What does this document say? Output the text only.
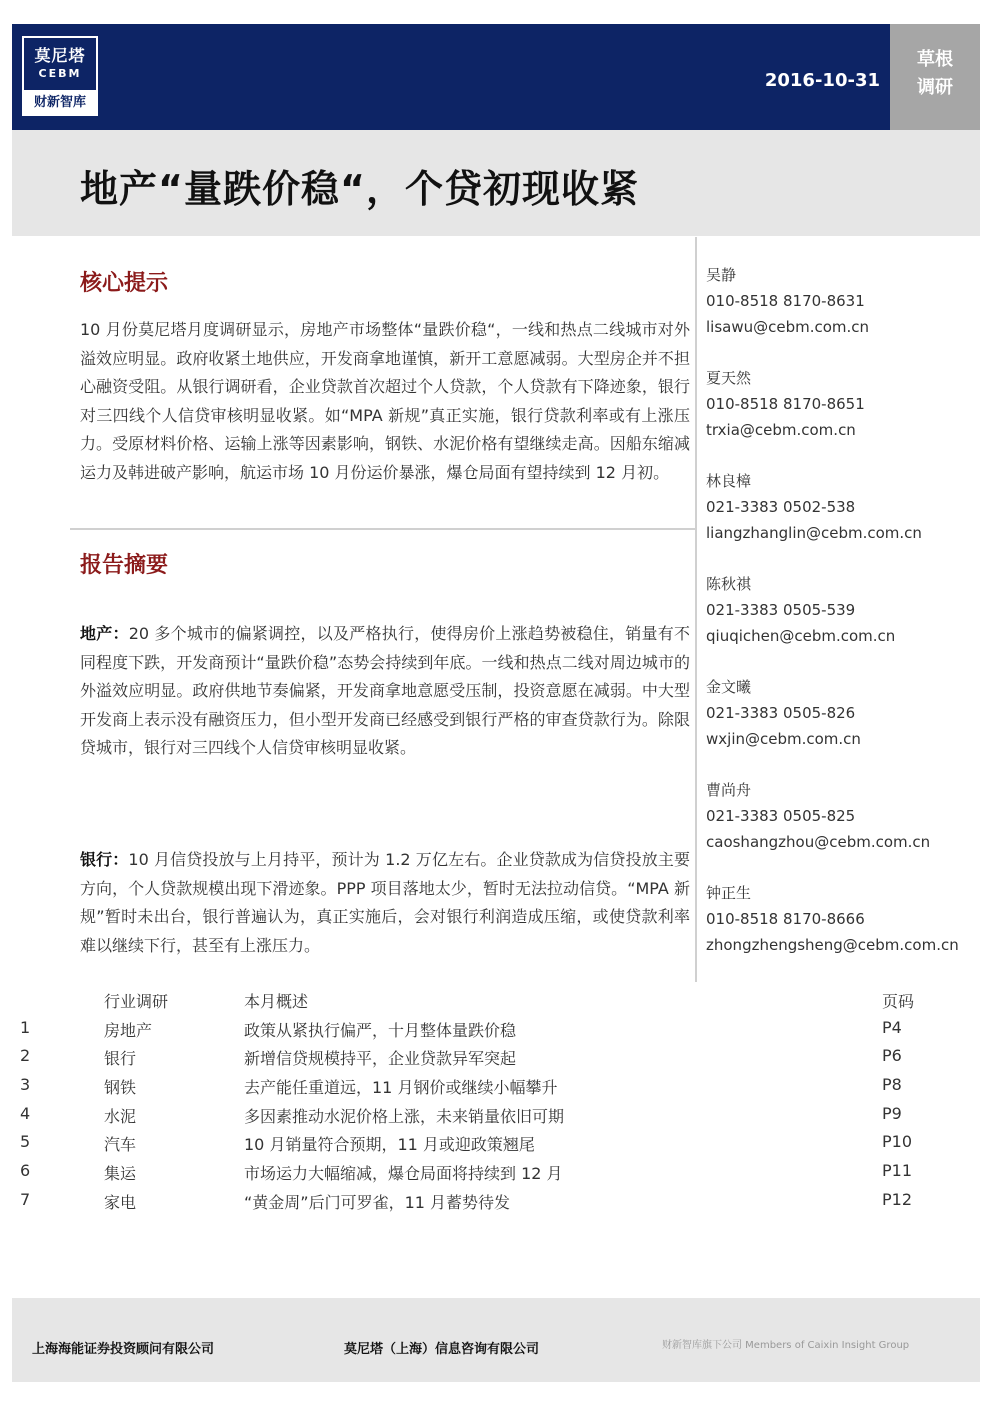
莫尼塔
CEBM
财新智库
2016-10-31
草根
调研
地产“量跌价稳“，个贷初现收紧
核心提示

10 月份莫尼塔月度调研显示，房地产市场整体“量跌价稳“，一线和热点二线城市对外溢效应明显。政府收紧土地供应，开发商拿地谨慎，新开工意愿减弱。大型房企并不担心融资受阻。从银行调研看，企业贷款首次超过个人贷款，个人贷款有下降迹象，银行对三四线个人信贷审核明显收紧。如“MPA 新规”真正实施，银行贷款利率或有上涨压力。受原材料价格、运输上涨等因素影响，钢铁、水泥价格有望继续走高。因船东缩减运力及韩进破产影响，航运市场 10 月份运价暴涨，爆仓局面有望持续到 12 月初。

报告摘要

地产：20 多个城市的偏紧调控，以及严格执行，使得房价上涨趋势被稳住，销量有不同程度下跌，开发商预计“量跌价稳”态势会持续到年底。一线和热点二线对周边城市的外溢效应明显。政府供地节奏偏紧，开发商拿地意愿受压制，投资意愿在减弱。中大型开发商上表示没有融资压力，但小型开发商已经感受到银行严格的审查贷款行为。除限贷城市，银行对三四线个人信贷审核明显收紧。

银行：10 月信贷投放与上月持平，预计为 1.2 万亿左右。企业贷款成为信贷投放主要方向，个人贷款规模出现下滑迹象。PPP 项目落地太少，暂时无法拉动信贷。“MPA 新规”暂时未出台，银行普遍认为，真正实施后，会对银行利润造成压缩，或使贷款利率难以继续下行，甚至有上涨压力。

吴静
010-8518 8170-8631
lisawu@cebm.com.cn
夏天然
010-8518 8170-8651
trxia@cebm.com.cn
林良樟
021-3383 0502-538
liangzhanglin@cebm.com.cn
陈秋祺
021-3383 0505-539
qiuqichen@cebm.com.cn
金文曦
021-3383 0505-826
wxjin@cebm.com.cn
曹尚舟
021-3383 0505-825
caoshangzhou@cebm.com.cn
钟正生
010-8518 8170-8666
zhongzhengsheng@cebm.com.cn
行业调研	本月概述	页码
1	房地产	政策从紧执行偏严，十月整体量跌价稳	P4
2	银行	新增信贷规模持平，企业贷款异军突起	P6
3	钢铁	去产能任重道远，11 月钢价或继续小幅攀升	P8
4	水泥	多因素推动水泥价格上涨，未来销量依旧可期	P9
5	汽车	10 月销量符合预期，11 月或迎政策翘尾	P10
6	集运	市场运力大幅缩减，爆仓局面将持续到 12 月	P11
7	家电	“黄金周”后门可罗雀，11 月蓄势待发	P12
上海海能证券投资顾问有限公司	莫尼塔（上海）信息咨询有限公司	财新智库旗下公司 Members of Caixin Insight Group
